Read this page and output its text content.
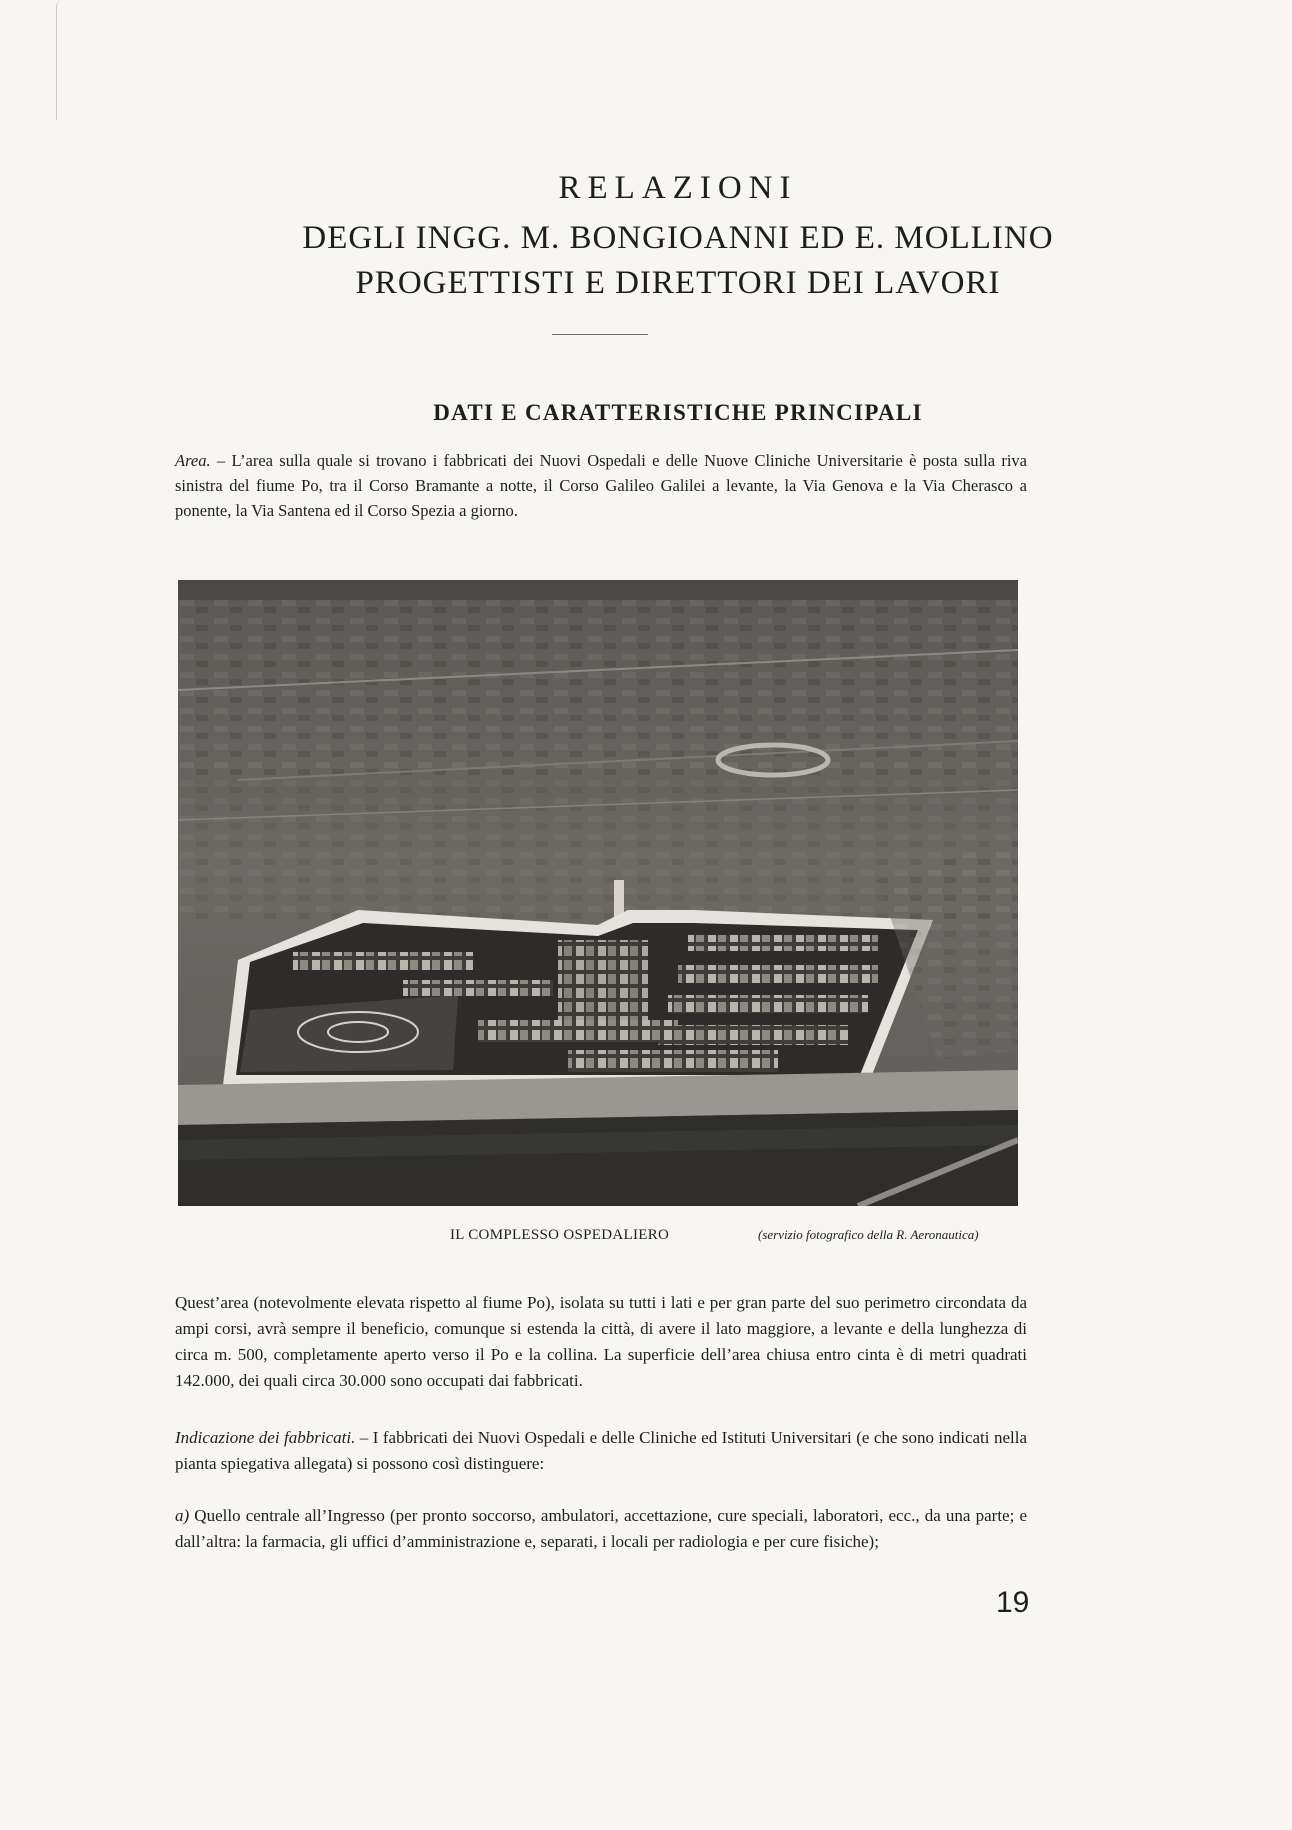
RELAZIONI
DEGLI INGG. M. BONGIOANNI ED E. MOLLINO
PROGETTISTI E DIRETTORI DEI LAVORI
DATI E CARATTERISTICHE PRINCIPALI

Area. – L’area sulla quale si trovano i fabbricati dei Nuovi Ospedali e delle Nuove Cliniche Universitarie è posta sulla riva sinistra del fiume Po, tra il Corso Bramante a notte, il Corso Galileo Galilei a levante, la Via Genova e la Via Cherasco a ponente, la Via Santena ed il Corso Spezia a giorno.

IL COMPLESSO OSPEDALIERO	(servizio fotografico della R. Aeronautica)

Quest’area (notevolmente elevata rispetto al fiume Po), isolata su tutti i lati e per gran parte del suo perimetro circondata da ampi corsi, avrà sempre il beneficio, comunque si estenda la città, di avere il lato maggiore, a levante e della lunghezza di circa m. 500, completamente aperto verso il Po e la collina. La superficie dell’area chiusa entro cinta è di metri quadrati 142.000, dei quali circa 30.000 sono occupati dai fabbricati.

Indicazione dei fabbricati. – I fabbricati dei Nuovi Ospedali e delle Cliniche ed Istituti Universitari (e che sono indicati nella pianta spiegativa allegata) si possono così distinguere:

a) Quello centrale all’Ingresso (per pronto soccorso, ambulatori, accettazione, cure speciali, laboratori, ecc., da una parte; e dall’altra: la farmacia, gli uffici d’amministrazione e, separati, i locali per radiologia e per cure fisiche);

19
